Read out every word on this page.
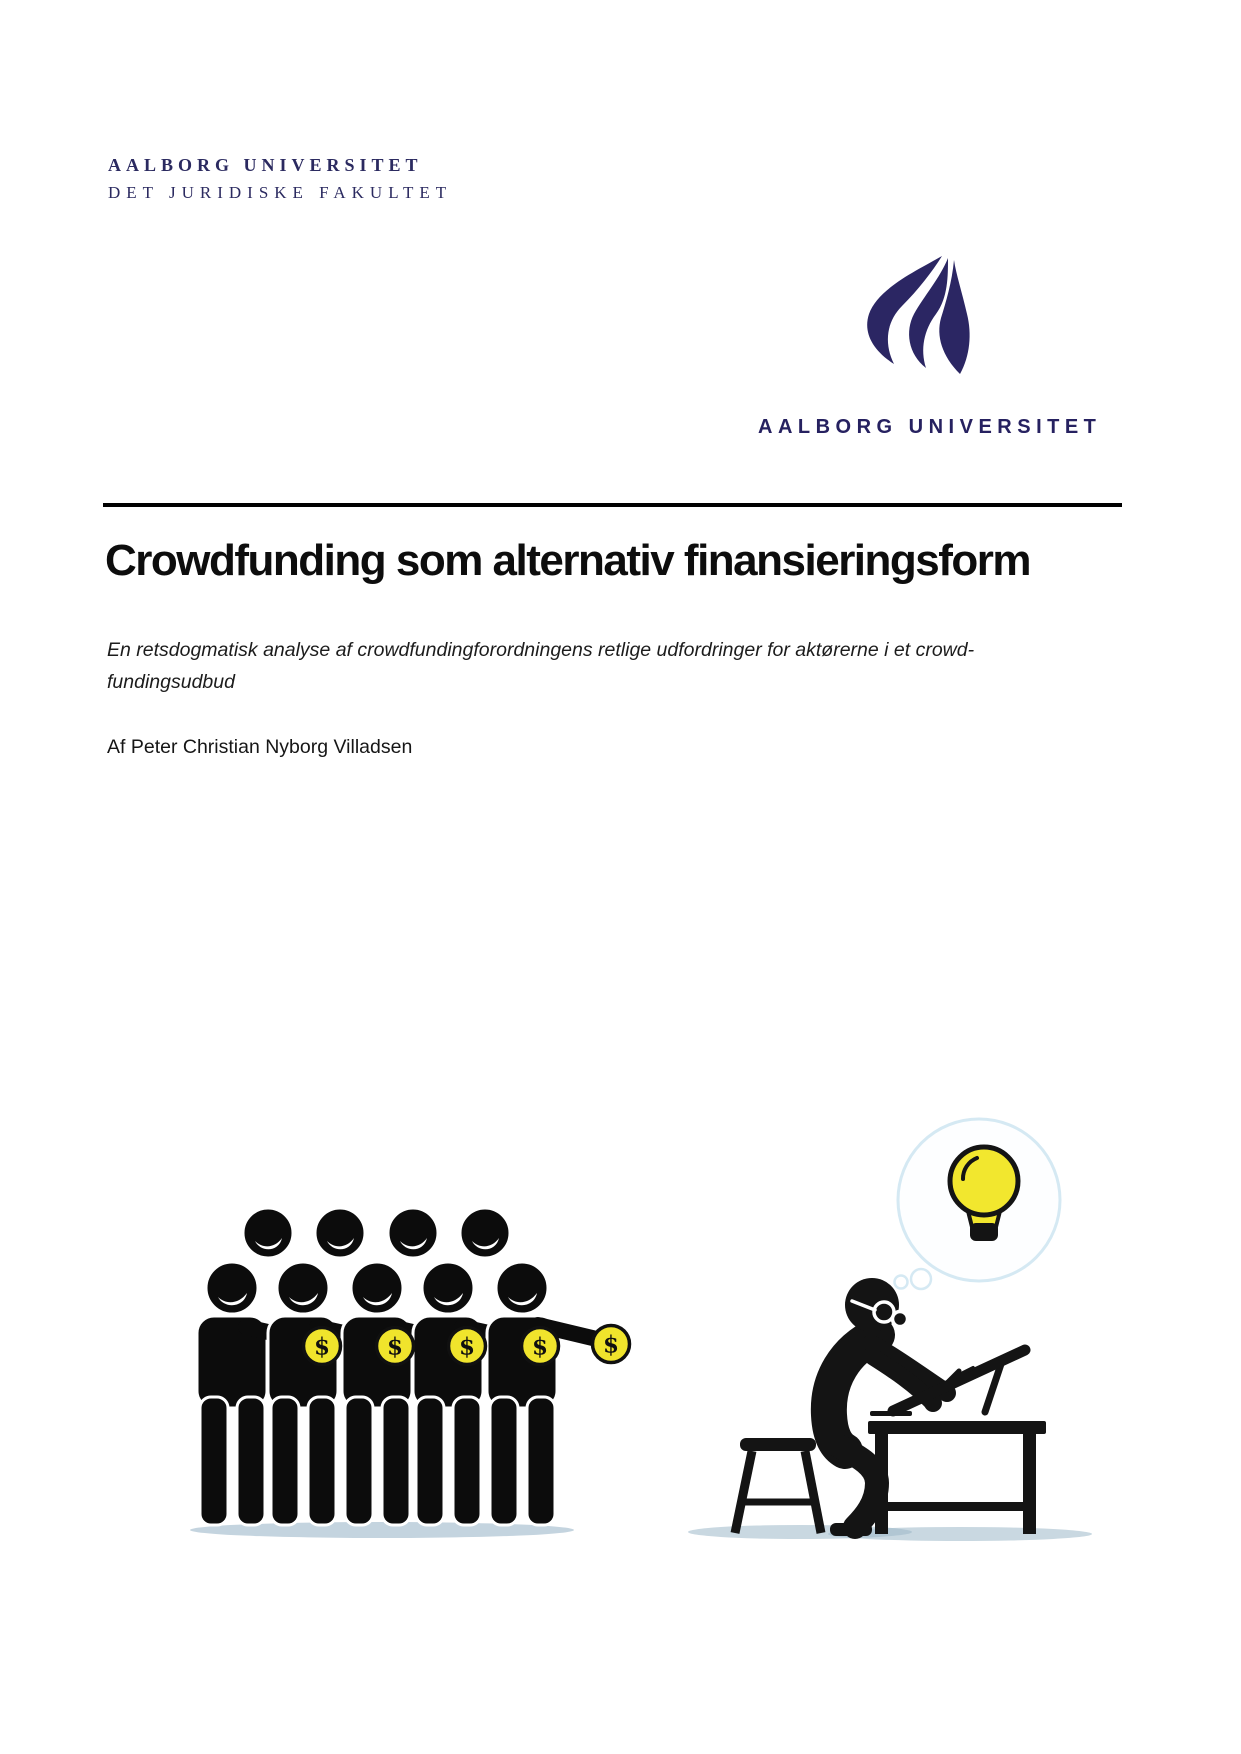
AALBORG UNIVERSITET
DET JURIDISKE FAKULTET
AALBORG UNIVERSITET
Crowdfunding som alternativ finansieringsform
En retsdogmatisk analyse af crowdfundingforordningens retlige udfordringer for aktørerne i et crowd-
fundingsudbud
Af Peter Christian Nyborg Villadsen
$ $ $ $ $
